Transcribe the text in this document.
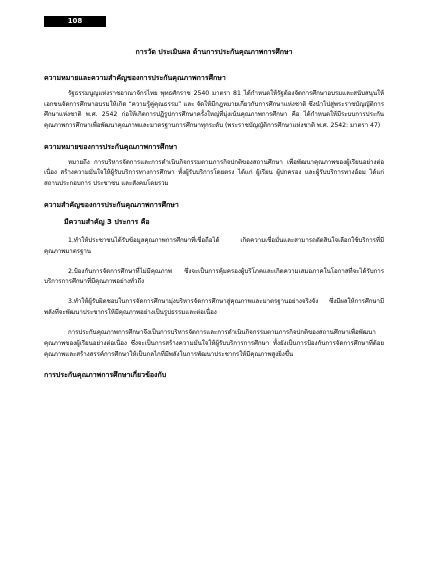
108
การวัด ประเมินผล ด้านการประกันคุณภาพการศึกษา
ความหมายและความสำคัญของการประกันคุณภาพการศึกษา
รัฐธรรมนูญแห่งราชอาณาจักรไทย พุทธศักราช 2540 มาตรา 81 ได้กำหนดให้รัฐต้องจัดการศึกษาอบรมและสนับสนุนให้เอกชนจัดการศึกษาอบรมให้เกิด “ความรู้คู่คุณธรรม” และ จัดให้มีกฎหมายเกี่ยวกับการศึกษาแห่งชาติ ซึ่งนำไปสู่พระราชบัญญัติการศึกษาแห่งชาติ พ.ศ. 2542 ก่อให้เกิดการปฏิรูปการศึกษาครั้งใหญ่ที่มุ่งเน้นคุณภาพการศึกษา คือ ได้กำหนดให้มีระบบการประกันคุณภาพการศึกษาเพื่อพัฒนาคุณภาพและมาตรฐานการศึกษาทุกระดับ (พระราชบัญญัติการศึกษาแห่งชาติ พ.ศ. 2542: มาตรา 47)
ความหมายของการประกันคุณภาพการศึกษา
หมายถึง การบริหารจัดการและการดำเนินกิจกรรมตามภารกิจปกติของสถานศึกษา เพื่อพัฒนาคุณภาพของผู้เรียนอย่างต่อเนื่อง สร้างความมั่นใจให้ผู้รับบริการทางการศึกษา ทั้งผู้รับบริการโดยตรง ได้แก่ ผู้เรียน ผู้ปกครอง และผู้รับบริการทางอ้อม ได้แก่ สถานประกอบการ ประชาชน และสังคมโดยรวม
ความสำคัญของการประกันคุณภาพการศึกษา
มีความสำคัญ 3 ประการ คือ
1.ทำให้ประชาชนได้รับข้อมูลคุณภาพการศึกษาที่เชื่อถือได้ เกิดความเชื่อมั่นและสามารถตัดสินใจเลือกใช้บริการที่มีคุณภาพมาตรฐาน
2.ป้องกันการจัดการศึกษาที่ไม่มีคุณภาพ ซึ่งจะเป็นการคุ้มครองผู้บริโภคและเกิดความเสมอภาคในโอกาสที่จะได้รับการบริการการศึกษาที่มีคุณภาพอย่างทั่วถึง
3.ทำให้ผู้รับผิดชอบในการจัดการศึกษามุ่งบริหารจัดการศึกษาสู่คุณภาพและมาตรฐานอย่างจริงจัง ซึ่งมีผลให้การศึกษามีพลังที่จะพัฒนาประชากรให้มีคุณภาพอย่างเป็นรูปธรรมและต่อเนื่อง
การประกันคุณภาพการศึกษาจึงเป็นการบริหารจัดการและการดำเนินกิจกรรมตามภารกิจปกติของสถานศึกษาเพื่อพัฒนาคุณภาพของผู้เรียนอย่างต่อเนื่อง ซึ่งจะเป็นการสร้างความมั่นใจให้ผู้รับบริการการศึกษา ทั้งยังเป็นการป้องกันการจัดการศึกษาที่ด้อยคุณภาพและสร้างสรรค์การศึกษาให้เป็นกลไกที่มีพลังในการพัฒนาประชากรให้มีคุณภาพสูงยิ่งขึ้น
การประกันคุณภาพการศึกษาเกี่ยวข้องกับ
